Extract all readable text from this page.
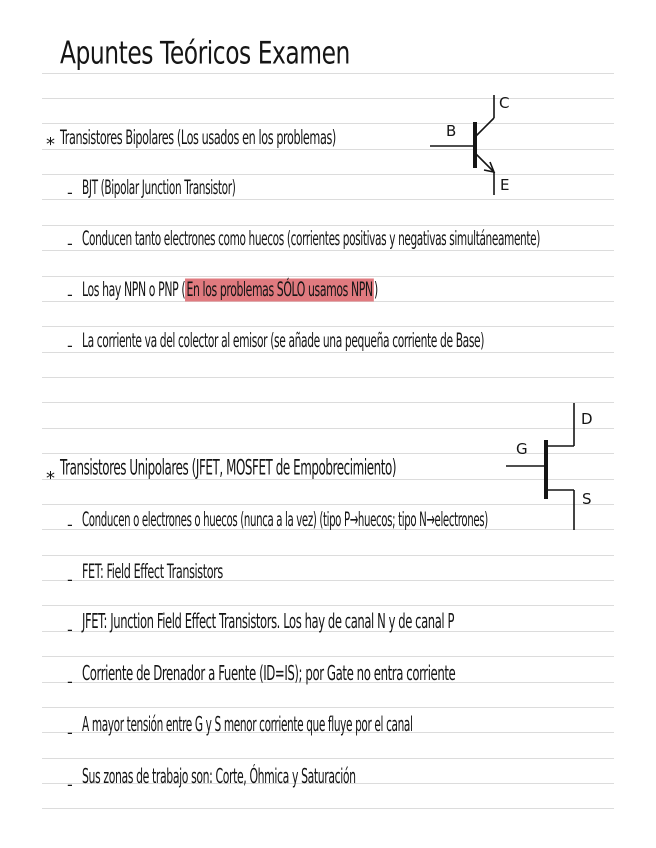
Apuntes Teóricos Examen
* Transistores Bipolares (Los usados en los problemas)
- BJT (Bipolar Junction Transistor)
- Conducen tanto electrones como huecos (corrientes positivas y negativas simultáneamente)
- Los hay NPN o PNP (En los problemas SÓLO usamos NPN)
- La corriente va del colector al emisor (se añade una pequeña corriente de Base)
B
C
E
* Transistores Unipolares (JFET, MOSFET de Empobrecimiento)
- Conducen o electrones o huecos (nunca a la vez) (tipo P→huecos; tipo N→electrones)
- FET: Field Effect Transistors
- JFET: Junction Field Effect Transistors. Los hay de canal N y de canal P
- Corriente de Drenador a Fuente (ID=IS); por Gate no entra corriente
- A mayor tensión entre G y S menor corriente que fluye por el canal
- Sus zonas de trabajo son: Corte, Óhmica y Saturación
G
D
S
